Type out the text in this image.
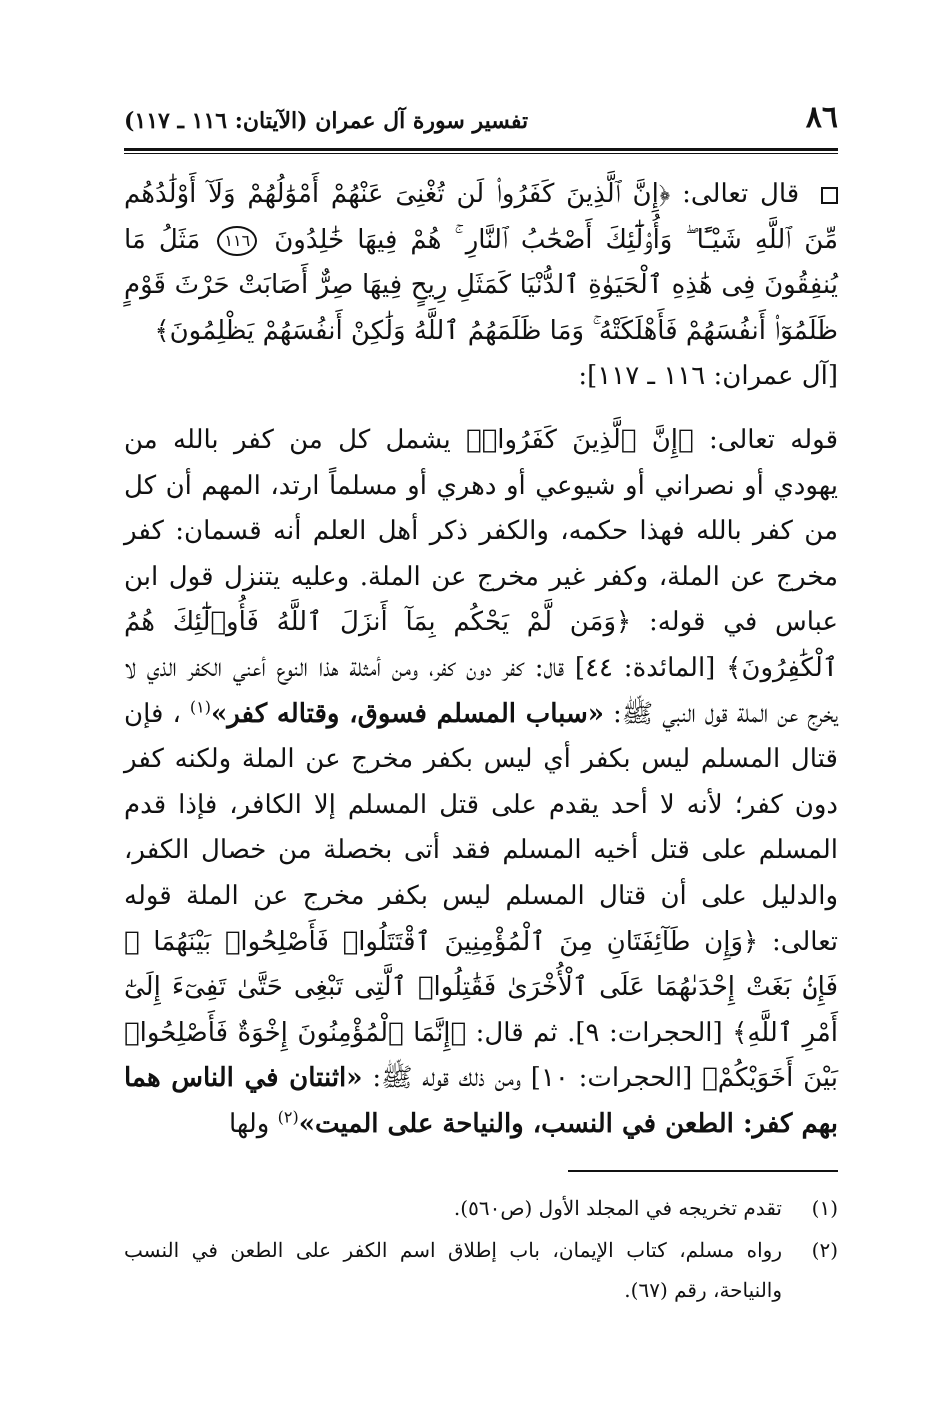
٨٦
تفسير سورة آل عمران (الآيتان: ١١٦ ـ ١١٧)

قال تعالى: ﴿إِنَّ ٱلَّذِينَ كَفَرُوا۟ لَن تُغْنِىَ عَنْهُمْ أَمْوَٰلُهُمْ وَلَآ أَوْلَٰدُهُم مِّنَ ٱللَّهِ شَيْـًٔا ۖ وَأُو۟لَٰٓئِكَ أَصْحَٰبُ ٱلنَّارِ ۚ هُمْ فِيهَا خَٰلِدُونَ ١١٦ مَثَلُ مَا يُنفِقُونَ فِى هَٰذِهِ ٱلْحَيَوٰةِ ٱلدُّنْيَا كَمَثَلِ رِيحٍ فِيهَا صِرٌّ أَصَابَتْ حَرْثَ قَوْمٍ ظَلَمُوٓا۟ أَنفُسَهُمْ فَأَهْلَكَتْهُ ۚ وَمَا ظَلَمَهُمُ ٱللَّهُ وَلَٰكِنْ أَنفُسَهُمْ يَظْلِمُونَ﴾

[آل عمران: ١١٦ ـ ١١٧]:

قوله تعالى: ﴿إِنَّ ٱلَّذِينَ كَفَرُوا۟﴾ يشمل كل من كفر بالله من يهودي أو نصراني أو شيوعي أو دهري أو مسلماً ارتد، المهم أن كل من كفر بالله فهذا حكمه، والكفر ذكر أهل العلم أنه قسمان: كفر مخرج عن الملة، وكفر غير مخرج عن الملة. وعليه يتنزل قول ابن عباس في قوله: ﴿وَمَن لَّمْ يَحْكُم بِمَآ أَنزَلَ ٱللَّهُ فَأُو۟لَٰٓئِكَ هُمُ ٱلْكَٰفِرُونَ﴾ [المائدة: ٤٤] قال: كفر دون كفر، ومن أمثلة هذا النوع أعني الكفر الذي لا يخرج عن الملة قول النبي ﷺ: «سباب المسلم فسوق، وقتاله كفر»$^{(١)}$ ، فإن قتال المسلم ليس بكفر أي ليس بكفر مخرج عن الملة ولكنه كفر دون كفر؛ لأنه لا أحد يقدم على قتل المسلم إلا الكافر، فإذا قدم المسلم على قتل أخيه المسلم فقد أتى بخصلة من خصال الكفر، والدليل على أن قتال المسلم ليس بكفر مخرج عن الملة قوله تعالى: ﴿وَإِن طَآئِفَتَانِ مِنَ ٱلْمُؤْمِنِينَ ٱقْتَتَلُوا۟ فَأَصْلِحُوا۟ بَيْنَهُمَا ۖ فَإِنۢ بَغَتْ إِحْدَىٰهُمَا عَلَى ٱلْأُخْرَىٰ فَقَٰتِلُوا۟ ٱلَّتِى تَبْغِى حَتَّىٰ تَفِىٓءَ إِلَىٰٓ أَمْرِ ٱللَّهِ﴾ [الحجرات: ٩]. ثم قال: ﴿إِنَّمَا ٱلْمُؤْمِنُونَ إِخْوَةٌ فَأَصْلِحُوا۟ بَيْنَ أَخَوَيْكُمْ﴾ [الحجرات: ١٠] ومن ذلك قوله ﷺ: «اثنتان في الناس هما بهم كفر: الطعن في النسب، والنياحة على الميت»$^{(٢)}$ ولها

(١)
تقدم تخريجه في المجلد الأول (ص٥٦٠).

(٢)
رواه مسلم، كتاب الإيمان، باب إطلاق اسم الكفر على الطعن في النسب والنياحة، رقم (٦٧).
